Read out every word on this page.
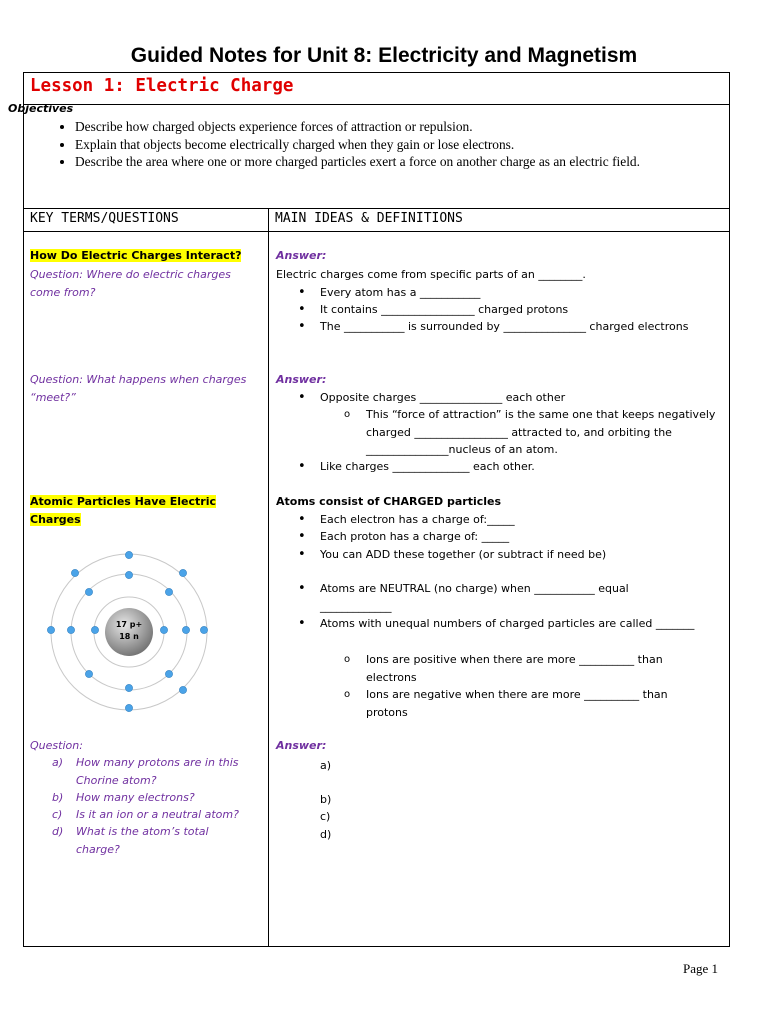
Guided Notes for Unit 8: Electricity and Magnetism
Lesson 1: Electric Charge
Objectives
• Describe how charged objects experience forces of attraction or repulsion.
• Explain that objects become electrically charged when they gain or lose electrons.
• Describe the area where one or more charged particles exert a force on another charge as an electric field.
KEY TERMS/QUESTIONS	MAIN IDEAS & DEFINITIONS
How Do Electric Charges Interact?
Question: Where do electric charges come from?
Question: What happens when charges “meet?”
Answer:
Electric charges come from specific parts of an ________.
• Every atom has a ___________
• It contains _________________ charged protons
• The ___________ is surrounded by _______________ charged electrons
Answer:
• Opposite charges _______________ each other
o This “force of attraction” is the same one that keeps negatively charged _________________ attracted to, and orbiting the _______________nucleus of an atom.
• Like charges ______________ each other.
Atomic Particles Have Electric Charges
17 p+
18 n
Atoms consist of CHARGED particles
• Each electron has a charge of:_____
• Each proton has a charge of: _____
• You can ADD these together (or subtract if need be)
• Atoms are NEUTRAL (no charge) when ___________ equal _____________
• Atoms with unequal numbers of charged particles are called _______
o Ions are positive when there are more __________ than electrons
o Ions are negative when there are more __________ than protons
Question:
a) How many protons are in this Chorine atom?
b) How many electrons?
c) Is it an ion or a neutral atom?
d) What is the atom’s total charge?
Answer:
a)
b)
c)
d)
Page 1
